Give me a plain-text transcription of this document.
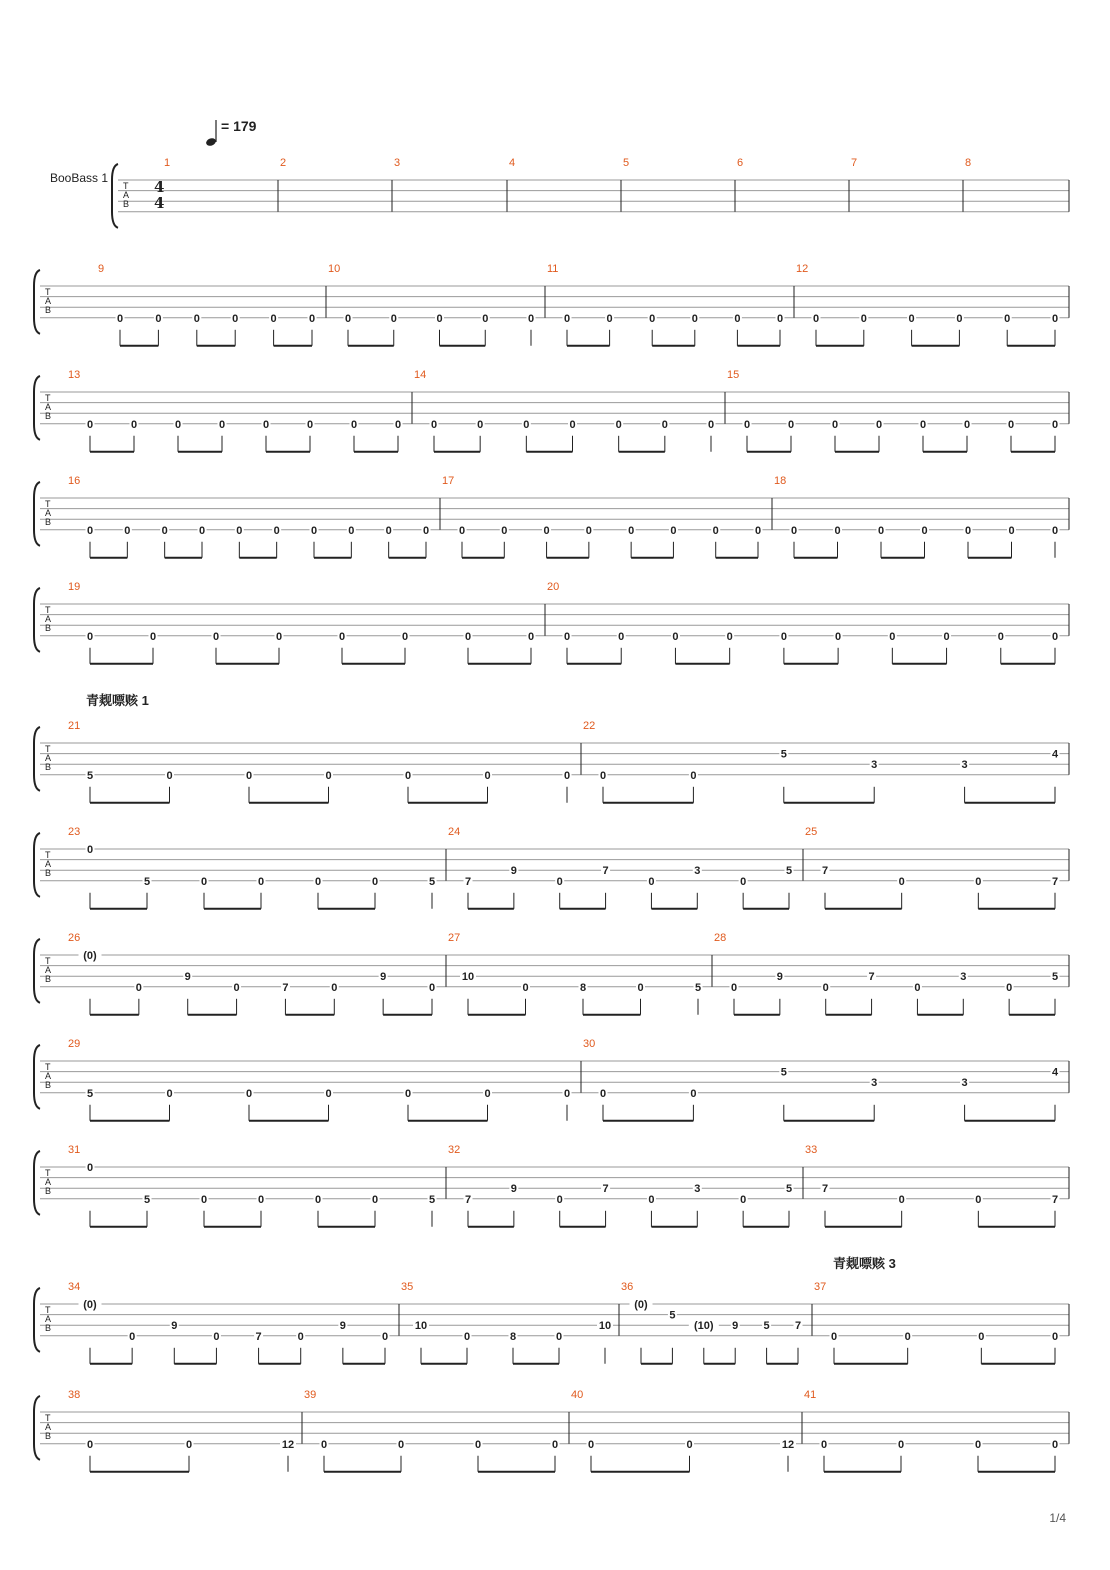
= 179
BooBass 1
青觌嘌赅 1
青觌嘌赅 3
1/4
T
A
B
4
4
1	2	3	4	5	6	7	8
T
A
B
9
0	0	0	0	0	0
10
0	0	0	0	0
11
0	0	0	0	0	0
12
0	0	0	0	0	0
T
A
B
13
0	0	0	0	0	0	0	0
14
0	0	0	0	0	0	0
15
0	0	0	0	0	0	0	0
T
A
B
16
0	0	0	0	0	0	0	0	0	0
17
0	0	0	0	0	0	0	0
18
0	0	0	0	0	0	0
T
A
B
19
0	0	0	0	0	0	0	0
20
0	0	0	0	0	0	0	0	0	0
T
A
B
21
5	0	0	0	0	0	0
22
0	0
5
3	3
4
T
A
B
23
0
5	0	0	0	0	5
24
7
9
0
7
0
3
0
5
25
7
0	0	7
T
A
B
26
(0)
0
9
0	7	0
9
0
27
10
0	8	0	5
28
0
9
0
7
0
3
0
5
T
A
B
29
5	0	0	0	0	0	0
30
0	0
5
3	3
4
T
A
B
31
0
5	0	0	0	0	5
32
7
9
0
7
0
3
0
5
33
7
0	0	7
T
A
B
34
(0)
0
9
0	7	0
9
0
35
10
0	8	0
10
36
(0)
5
(10) 9 5 7
37
0	0	0	0
T
A
B
38
0	0	12
39
0	0	0	0
40
0	0	12
41
0	0	0	0
